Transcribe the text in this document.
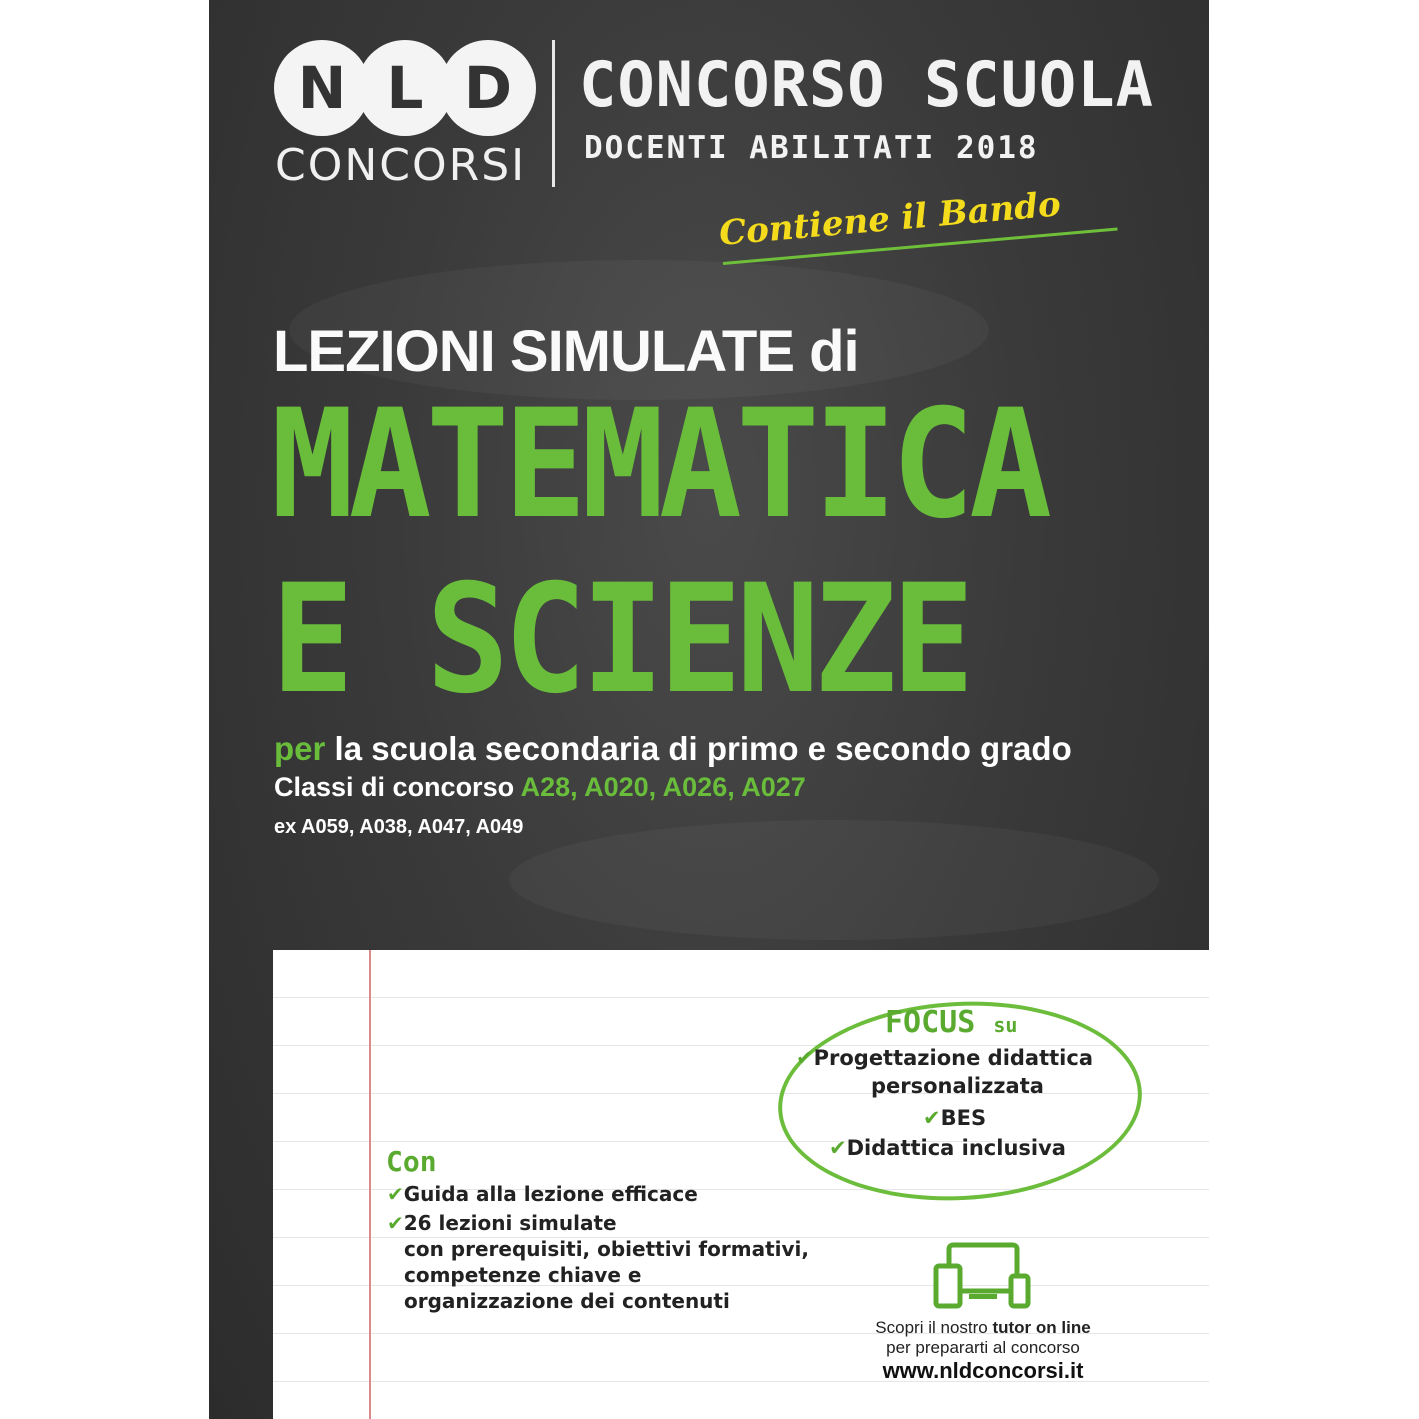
N L D
CONCORSI
CONCORSO SCUOLA
DOCENTI ABILITATI 2018
Contiene il Bando
LEZIONI SIMULATE di
MATEMATICA
E SCIENZE
per la scuola secondaria di primo e secondo grado
Classi di concorso A28, A020, A026, A027
ex A059, A038, A047, A049
FOCUS su
✔Progettazione didattica
personalizzata
✔BES
✔Didattica inclusiva
Con
✔Guida alla lezione efficace
✔26 lezioni simulate
con prerequisiti, obiettivi formativi,
competenze chiave e
organizzazione dei contenuti
Scopri il nostro tutor on line
per prepararti al concorso
www.nldconcorsi.it
